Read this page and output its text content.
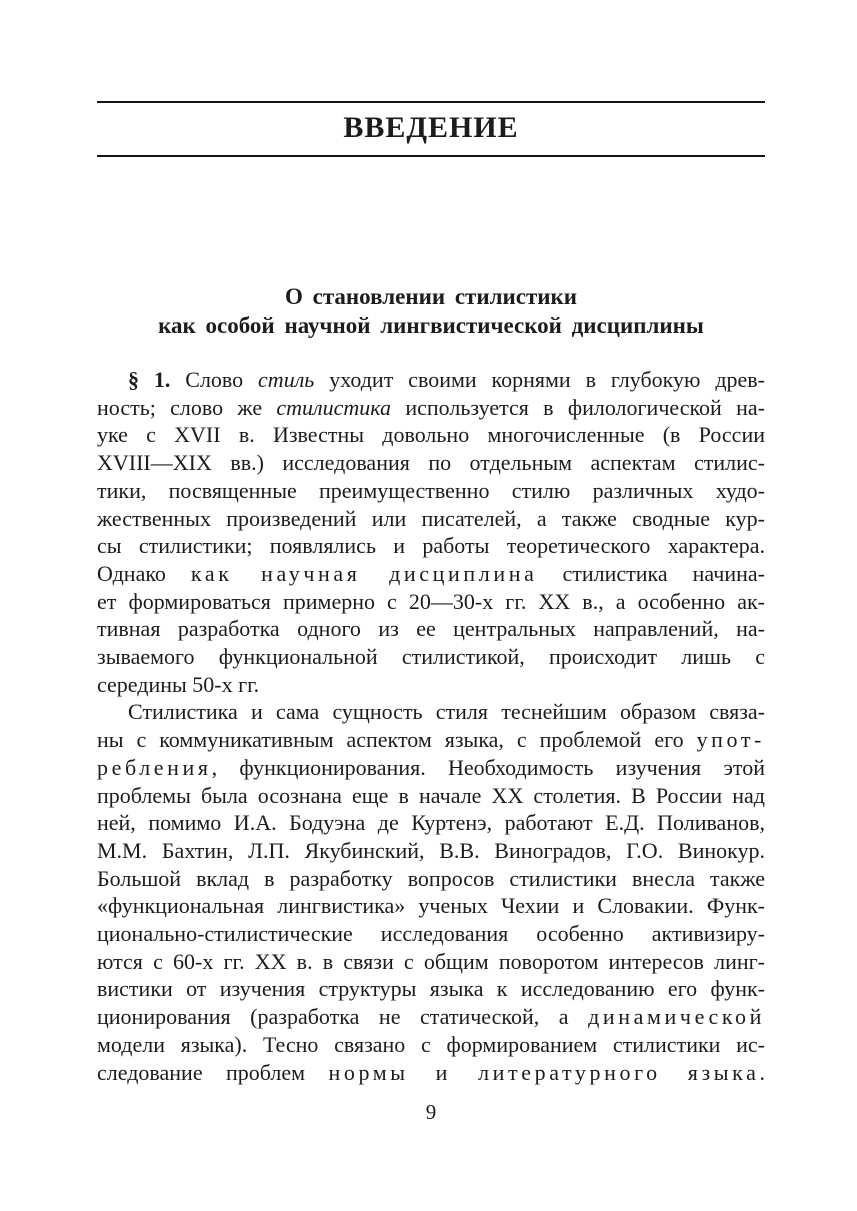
ВВЕДЕНИЕ
О становлении стилистики
как особой научной лингвистической дисциплины
§ 1. Слово стиль уходит своими корнями в глубокую древ-
ность; слово же стилистика используется в филологической на-
уке с XVII в. Известны довольно многочисленные (в России
XVIII—XIX вв.) исследования по отдельным аспектам стилис-
тики, посвященные преимущественно стилю различных худо-
жественных произведений или писателей, а также сводные кур-
сы стилистики; появлялись и работы теоретического характера.
Однако как научная дисциплина стилистика начина-
ет формироваться примерно с 20—30-х гг. XX в., а особенно ак-
тивная разработка одного из ее центральных направлений, на-
зываемого функциональной стилистикой, происходит лишь с
середины 50-х гг.
Стилистика и сама сущность стиля теснейшим образом связа-
ны с коммуникативным аспектом языка, с проблемой его упот-
ребления, функционирования. Необходимость изучения этой
проблемы была осознана еще в начале XX столетия. В России над
ней, помимо И.А. Бодуэна де Куртенэ, работают Е.Д. Поливанов,
М.М. Бахтин, Л.П. Якубинский, В.В. Виноградов, Г.О. Винокур.
Большой вклад в разработку вопросов стилистики внесла также
«функциональная лингвистика» ученых Чехии и Словакии. Функ-
ционально-стилистические исследования особенно активизиру-
ются с 60-х гг. XX в. в связи с общим поворотом интересов линг-
вистики от изучения структуры языка к исследованию его функ-
ционирования (разработка не статической, а динамической
модели языка). Тесно связано с формированием стилистики ис-
следование проблем нормы и литературного языка.
9
